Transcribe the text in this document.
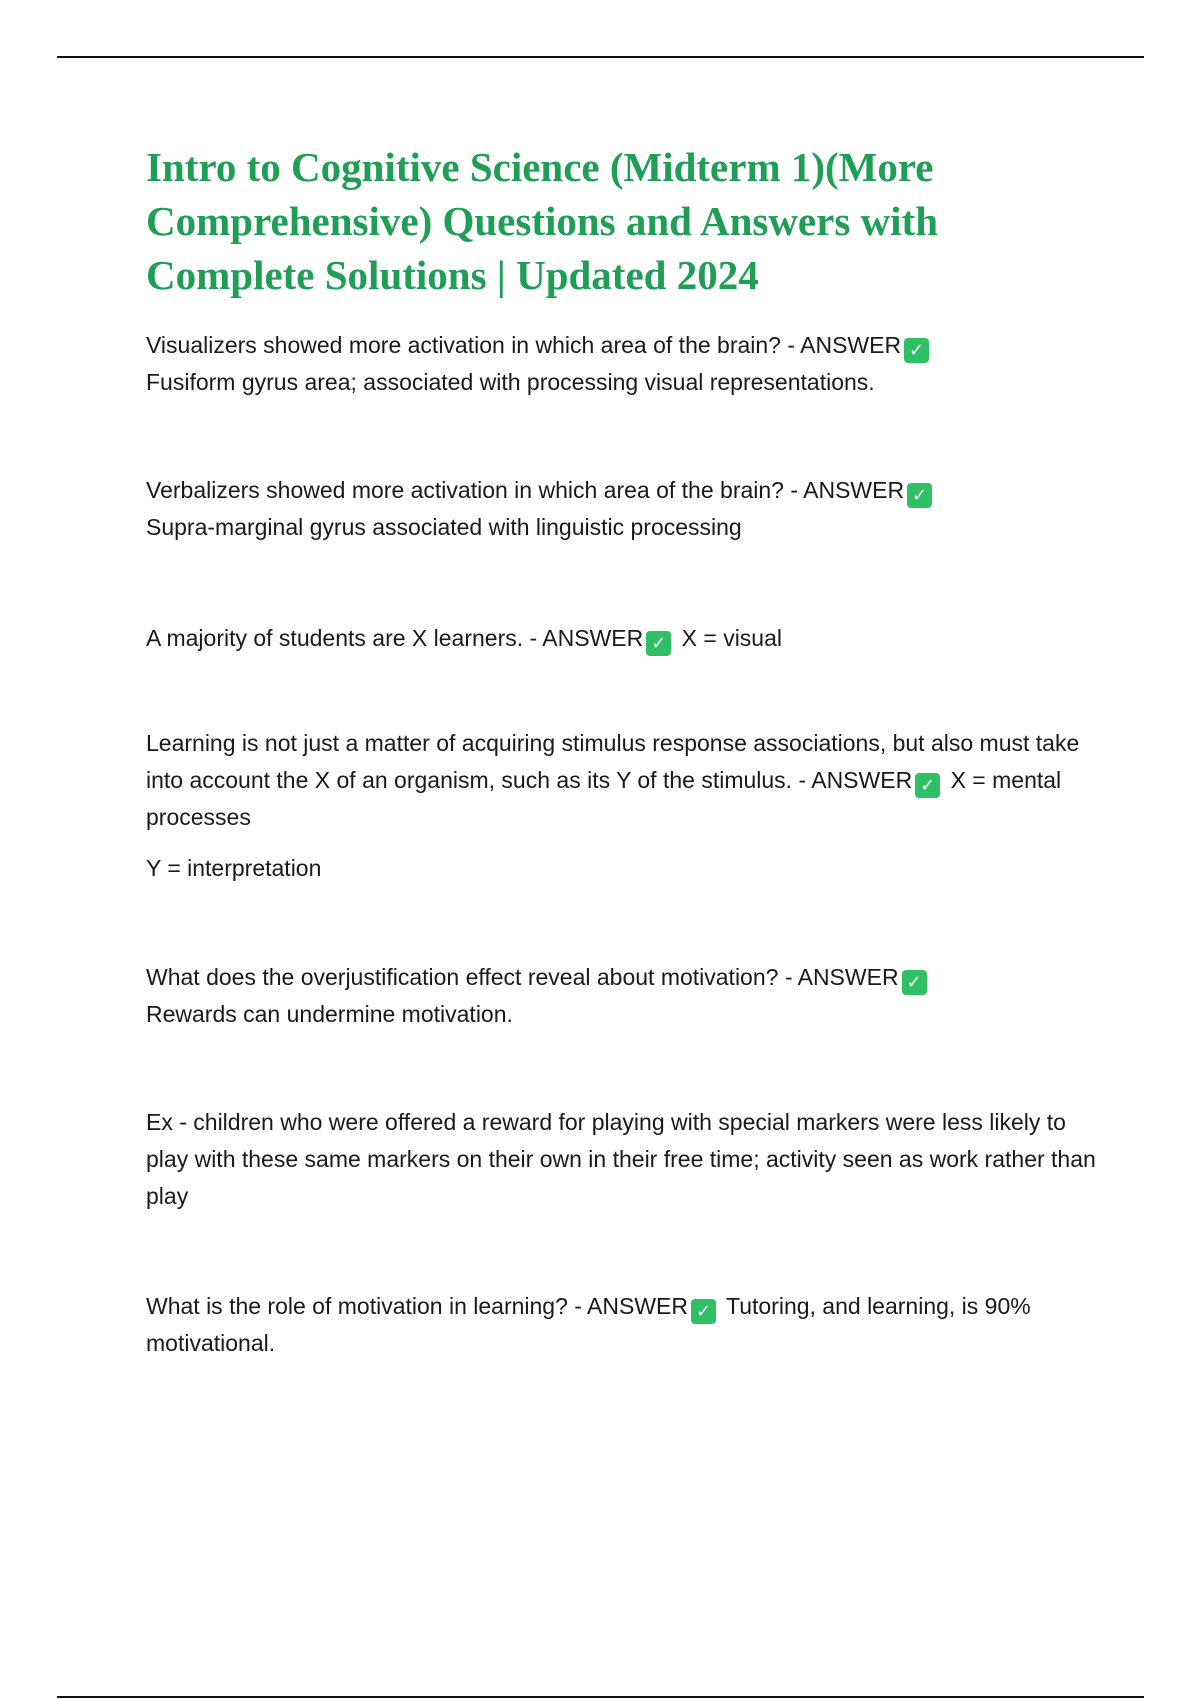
Intro to Cognitive Science (Midterm 1)(More Comprehensive) Questions and Answers with Complete Solutions | Updated 2024

Visualizers showed more activation in which area of the brain? - ANSWER ✓
Fusiform gyrus area; associated with processing visual representations.

Verbalizers showed more activation in which area of the brain? - ANSWER ✓
Supra-marginal gyrus associated with linguistic processing

A majority of students are X learners. - ANSWER ✓ X = visual

Learning is not just a matter of acquiring stimulus response associations, but also must take into account the X of an organism, such as its Y of the stimulus. - ANSWER ✓ X = mental processes

Y = interpretation

What does the overjustification effect reveal about motivation? - ANSWER ✓
Rewards can undermine motivation.

Ex - children who were offered a reward for playing with special markers were less likely to play with these same markers on their own in their free time; activity seen as work rather than play

What is the role of motivation in learning? - ANSWER ✓ Tutoring, and learning, is 90% motivational.
